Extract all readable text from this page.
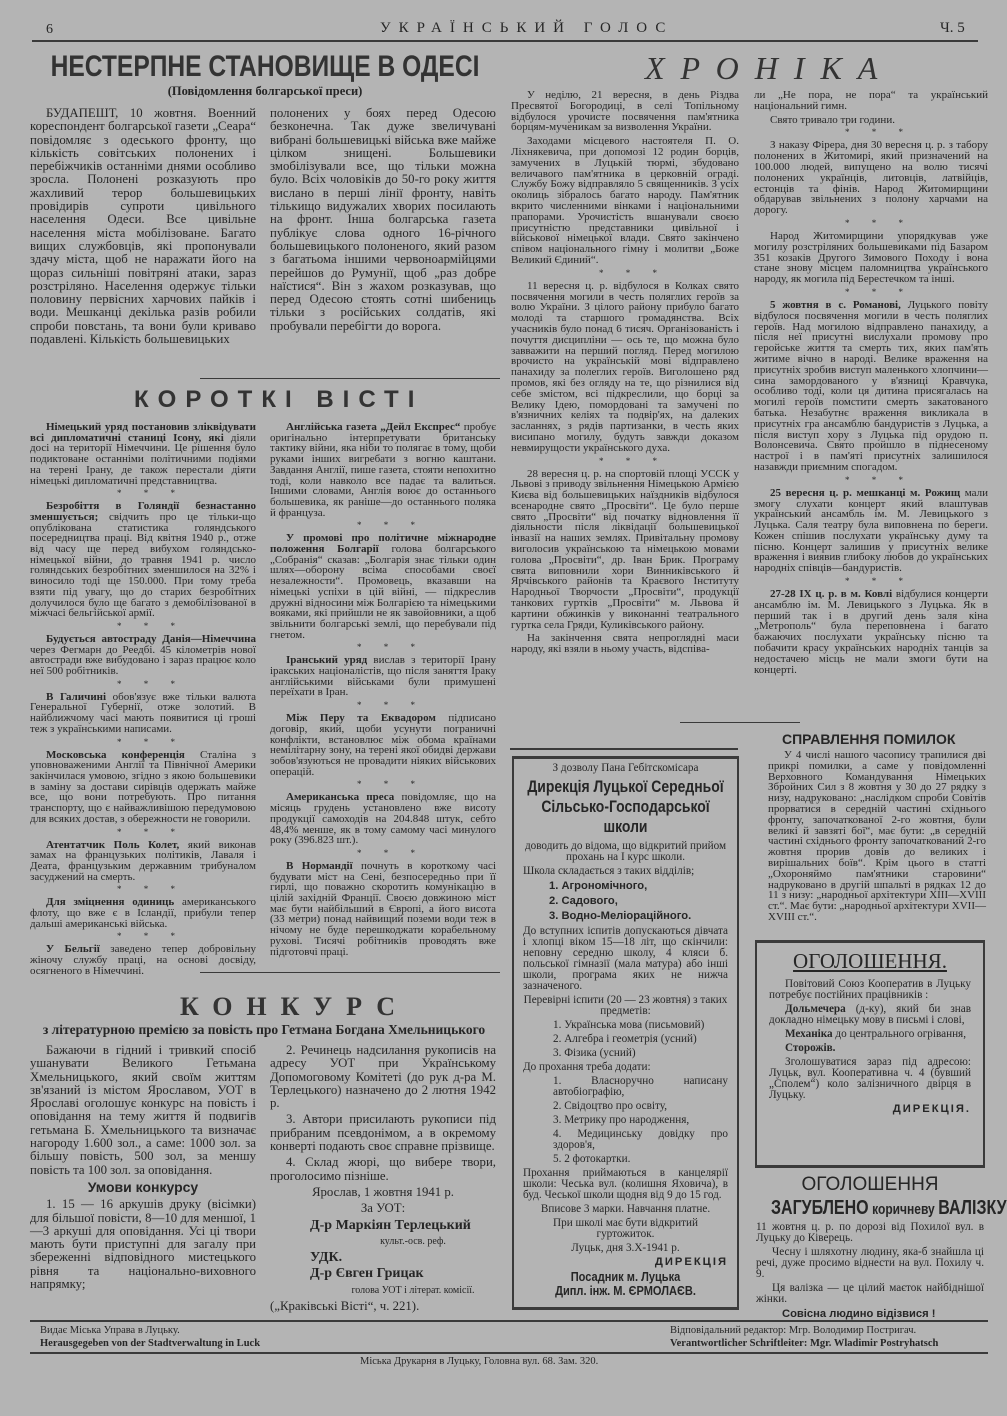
6	УКРАЇНСЬКИЙ ГОЛОС	Ч. 5
НЕСТЕРПНЕ СТАНОВИЩЕ В ОДЕСІ
(Повідомлення болгарської преси)

БУДАПЕШТ, 10 жовтня. Военний кореспондент болгарської газети „Сеара“ повідомляє з одеського фронту, що кількість совітських полонених і перебіжчиків останніми днями особливо зросла. Полонені розказують про жахливий терор большевицьких провідирів супроти цивільного населення Одеси. Все цивільне населення міста мобілізоване. Багато вищих службовців, які пропонували здачу міста, щоб не наражати його на щораз сильніші повітряні атаки, зараз розстріляно. Населення одержує тільки половину первісних харчових пайків і води. Мешканці декілька разів робили спроби повстань, та вони були криваво подавлені. Кількість большевицьких

полонених у боях перед Одесою безконечна. Так дуже звеличувані вибрані большевицькі війська вже майже цілком знищені. Большевики змобілізували все, що тільки можна було. Всіх чоловіків до 50-го року життя вислано в перші лінії фронту, навіть тількищо видужалих хворих посилають на фронт. Інша болгарська газета публікує слова одного 16-річного большевицького полоненого, який разом з багатьома іншими червоноармійцями перейшов до Румунії, щоб „раз добре наїстися“. Він з жахом розказував, що перед Одесою стоять сотні шибениць тільки з російських солдатів, які пробували перебігти до ворога.

КОРОТКІ ВІСТІ

Німецький уряд постановив зліквідувати всі дипломатичні станиці Ісону, які діяли досі на території Німеччини. Це рішення було подиктоване останніми політичними подіями на терені Ірану, де також перестали діяти німецькі дипломатичні представництва.

* * *

Безробіття в Голяндії безнастанно зменшується; свідчить про це тільки-що опублікована статистика голяндського посередництва праці. Від квітня 1940 р., отже від часу ще перед вибухом голяндсько-німецької війни, до травня 1941 р. число голяндських безробітних зменшилося на 32% і виносило тоді ще 150.000. При тому треба взяти під увагу, що до старих безробітних долучилося було ще багато з демобілізованої в міжчасі бельгійської армії.

* * *

Будується автостраду Данія—Німеччина через Фегмарн до Реедбі. 45 кілометрів нової автостради вже вибудовано і зараз працює коло неї 500 робітників.

* * *

В Галичині обов'язує вже тільки валюта Генеральної Губернії, отже золотий. В найближчому часі мають появитися ці гроші теж з українськими написами.

* * *

Московська конференція Сталіна з уповноваженими Англії та Північної Америки закінчилася умовою, згідно з якою большевики в заміну за достави сирівців одержать майже все, що вони потребують. Про питання транспорту, що є найважливішою передумовою для всяких достав, з обережности не говорили.

* * *

Атентатчик Поль Колет, який виконав замах на французьких політиків, Лаваля і Деата, французьким державним трибуналом засуджений на смерть.

* * *

Для зміцнення одиниць американського флоту, що вже є в Ісландії, прибули тепер дальші американські війська.

* * *

У Бельгії заведено тепер добровільну жіночу службу праці, на основі досвіду, осягненого в Німеччині.

Англійська газета „Дейл Експрес“ пробує оригінально інтерпретувати британську тактику війни, яка ніби то полягає в тому, щоби руками інших вигребати з вогню каштани. Завдання Англії, пише газета, стояти непохитно тоді, коли навколо все падає та валиться. Іншими словами, Англія воює до останнього большевика, як раніше—до останнього поляка й француза.

* * *

У промові про політичне міжнародне положення Болгарії голова болгарського „Собранія“ сказав: „Болгарія знає тільки один шлях—оборону всіма способами своєї незалежности“. Промовець, вказавши на німецькі успіхи в цій війні, — підкреслив дружні відносини між Болгарією та німецькими вояками, які прийшли не як завойовники, а щоб звільнити болгарські землі, що перебували під гнетом.

* * *

Іранський уряд вислав з території Ірану іракських націоналістів, що після заняття Іраку англійськими військами були примушені переїхати в Іран.

* * *

Між Перу та Еквадором підписано договір, який, щоби усунути пограничні конфлікти, встановлює між обома країнами немілітарну зону, на терені якої обидві держави зобов'язуються не провадити ніяких військових операцій.

* * *

Американська преса повідомляє, що на місяць грудень установлено вже висоту продукції самоходів на 204.848 штук, себто 48,4% менше, як в тому самому часі минулого року (396.823 шт.).

* * *

В Нормандії почнуть в короткому часі будувати міст на Сені, безпосередньо при її гирлі, що поважно скоротить комунікацію в цілій західній Франції. Своєю довжиною міст має бути найбільший в Європі, а його висота (33 метри) понад найвищий поземи води теж в нічому не буде перешкоджати корабельному рухові. Тисячі робітників проводять вже підготовчі праці.

КОНКУРС
з літературною премією за повість про Гетмана Богдана Хмельницького

Бажаючи в гідний і тривкий спосіб ушанувати Великого Гетьмана Хмельницького, який своїм життям зв'язаний із містом Ярославом, УОТ в Ярославі оголошує конкурс на повість і оповідання на тему життя й подвигів гетьмана Б. Хмельницького та визначає нагороду 1.600 зол., а саме: 1000 зол. за більшу повість, 500 зол, за меншу повість та 100 зол. за оповідання.

Умови конкурсу

1. 15 — 16 аркушів друку (вісімки) для більшої повісти, 8—10 для меншої, 1—3 аркуші для оповідання. Усі ці твори мають бути приступні для загалу при збереженні відповідного мистецького рівня та національно-виховного напрямку;

2. Речинець надсилання рукописів на адресу УОТ при Українському Допомоговому Комітеті (до рук д-ра М. Терлецького) назначено до 2 лютня 1942 р.

3. Автори присилають рукописи під прибраним псевдонімом, а в окремому конверті подають своє справне прізвище.

4. Склад жюрі, що вибере твори, проголосимо пізніше.

Ярослав, 1 жовтня 1941 р.

За УОТ:

Д-р Маркіян Терлецький

культ.-осв. реф.

УДК.

Д-р Євген Грицак

голова УОТ і літерат. комісії.

(„Краківські Вісті“, ч. 221).

ХРОНІКА

У неділю, 21 вересня, в день Різдва Пресвятої Богородиці, в селі Топільному відбулося урочисте посвячення пам'ятника борцям-мученикам за визволення України.

Заходами місцевого настоятеля П. О. Ліхнякевича, при допомозі 12 родин борців, замучених в Луцькій тюрмі, збудовано величавого пам'ятника в церковній ограді. Службу Божу відправляло 5 священників. З усіх околиць зібралось багато народу. Пам'ятник вкрито численними вінками і національними прапорами. Урочистість вшанували своєю присутністю представники цивільної і військової німецької влади. Свято закінчено співом національного гімну і молитви „Боже Великий Єдиний“.

* * *

11 вересня ц. р. відбулося в Колках свято посвячення могили в честь поляглих героїв за волю України. З цілого району прибуло багато молоді та старшого громадянства. Всіх учасників було понад 6 тисяч. Організованість і почуття дисципліни — ось те, що можна було завважити на перший погляд. Перед могилою врочисто на українській мові відправлено панахиду за полеглих героїв. Виголошено ряд промов, які без огляду на те, що різнилися від себе змістом, всі підкреслили, що борці за Велику Ідею, помордовані та замучені по в'язничних келіях та подвір'ях, на далеких засланнях, з рядів партизанки, в честь яких висипано могилу, будуть завжди доказом невмирущости українського духа.

* * *

28 вересня ц. р. на спортовій площі УССК у Львові з приводу звільнення Німецькою Армією Києва від большевицьких наїздників відбулося всенародне свято „Просвіти“. Це було перше свято „Просвіти“ від початку відновлення її діяльности після ліквідації большевицької інвазії на наших землях. Привітальну промову виголосив українською та німецькою мовами голова „Просвіти“, др. Іван Брик. Програму свята виповнили хори Винниківського й Ярчівського районів та Краєвого Інституту Народньої Творчости „Просвіти“, продукції танкових гуртків „Просвіти“ м. Львова й картини обжинків у виконанні театрального гуртка села Гряди, Куликівського району.

На закінчення свята непроглядні маси народу, які взяли в ньому участь, відспіва-

ли „Не пора, не пора“ та український національний гимн.

Свято тривало три години.

* * *

З наказу Фірера, дня 30 вересня ц. р. з табору полонених в Житомирі, який призначений на 100.000 людей, випущено на волю тисячі полонених українців, литовців, латвійців, естонців та фінів. Народ Житомирщини обдарував звільнених з полону харчами на дорогу.

* * *

Народ Житомирщини упорядкував уже могилу розстріляних большевиками під Базаром 351 козаків Другого Зимового Походу і вона стане знову місцем паломництва українського народу, як могила під Берестечком та інші.

* * *

5 жовтня в с. Романові, Луцького повіту відбулося посвячення могили в честь поляглих героїв. Над могилою відправлено панахиду, а після неї присутні вислухали промову про геройське життя та смерть тих, яких пам'ять житиме вічно в народі. Велике враження на присутніх зробив виступ маленького хлопчини—сина замордованого у в'язниці Кравчука, особливо тоді, коли ця дитина присягалась на могилі героїв помстити смерть закатованого батька. Незабутнє враження викликала в присутніх гра ансамблю бандуристів з Луцька, а після виступ хору з Луцька під орудою п. Волонсевича. Свято пройшло в піднесеному настрої і в пам'яті присутніх залишилося назавжди приємним спогадом.

* * *

25 вересня ц. р. мешканці м. Рожищ мали змогу слухати концерт який влаштував український ансамбль ім. М. Левицького з Луцька. Саля театру була виповнена по береги. Кожен спішив послухати українську думу та пісню. Концерт залишив у присутніх велике враження і виявив глибоку любов до українських народніх співців—бандуристів.

* * *

27-28 IX ц. р. в м. Ковлі відбулися концерти ансамблю ім. М. Левицького з Луцька. Як в перший так і в другий день заля кіна „Метрополь“ була переповнена і багато бажаючих послухати українську пісню та побачити красу українських народніх танців за недостачею місць не мали змоги бути на концерті.

З дозволу Пана Гебітскомісара

Дирекція Луцької Середньої Сільсько-Господарської школи

доводить до відома, що відкритий прийом прохань на І курс школи.

Школа складається з таких відділів;

1. Агрономічного,

2. Садового,

3. Водно-Меліораційного.

До вступних іспитів допускаються дівчата і хлопці віком 15—18 літ, що скінчили: неповну середню школу, 4 кляси б. польської гімназії (мала матура) або інші школи, програма яких не нижча зазначеного.

Перевірні іспити (20 — 23 жовтня) з таких предметів:

1. Українська мова (письмовий)

2. Алгебра і геометрія (усний)

3. Фізика (усний)

До прохання треба додати:

1. Власноручно написану автобіографію,

2. Свідоцтво про освіту,

3. Метрику про народження,

4. Медицинську довідку про здоров'я,

5. 2 фотокартки.

Прохання приймаються в канцелярії школи: Чеська вул. (колишня Яховича), в буд. Чеської школи щодня від 9 до 15 год.

Вписове 3 марки. Навчання платне.

При школі має бути відкритий гуртожиток.

Луцьк, дня 3.X-1941 р.

ДИРЕКЦІЯ

Посадник м. Луцька

Дипл. інж. М. ЄРМОЛАЄВ.

СПРАВЛЕННЯ ПОМИЛОК

У 4 числі нашого часопису трапилися дві прикрі помилки, а саме у повідомленні Верховного Командування Німецьких Збройних Сил з 8 жовтня у 30 до 27 рядку з низу, надруковано: „наслідком спроби Совітів прорватися в середній частині східнього фронту, започаткованої 2-го жовтня, були великі й завзяті бої“, має бути: „в середній частині східнього фронту започаткований 2-го жовтня прорив довів до великих і вирішальних боїв“. Крім цього в статті „Охороняймо пам'ятники старовини“ надруковано в другій шпальті в рядках 12 до 11 з низу: „народньої архітектури XIII—XVIII ст.“. Має бути: „народньої архітектури XVII—XVIII ст.“.

ОГОЛОШЕННЯ.

Повітовий Союз Кооператив в Луцьку потребує постійних працівників :

Дольмечера (д-ку), який би знав докладно німецьку мову в письмі і слові,

Механіка до центрального огрівання,

Сторожів.

Зголошуватися зараз під адресою: Луцьк, вул. Кооперативна ч. 4 (бувший „Сполем“) коло залізничного двірця в Луцьку.

ДИРЕКЦІЯ.

ОГОЛОШЕННЯ
ЗАГУБЛЕНО коричневу ВАЛІЗКУ

11 жовтня ц. р. по дорозі від Похилої вул. в Луцьку до Ківерець.

Чесну і шляхотну людину, яка-б знайшла ці речі, дуже просимо віднести на вул. Похилу ч. 9.

Ця валізка — це цілий маєток найбіднішої жінки.

Совісна людино відізвися !

Видає Міська Управа в Луцьку.
Herausgegeben von der Stadtverwaltung in Luck
Відповідальний редактор: Мгр. Володимир Постригач.
Verantwortlicher Schriftleiter: Mgr. Wladimir Postryhatsch
Міська Друкарня в Луцьку, Головна вул. 68. Зам. 320.
